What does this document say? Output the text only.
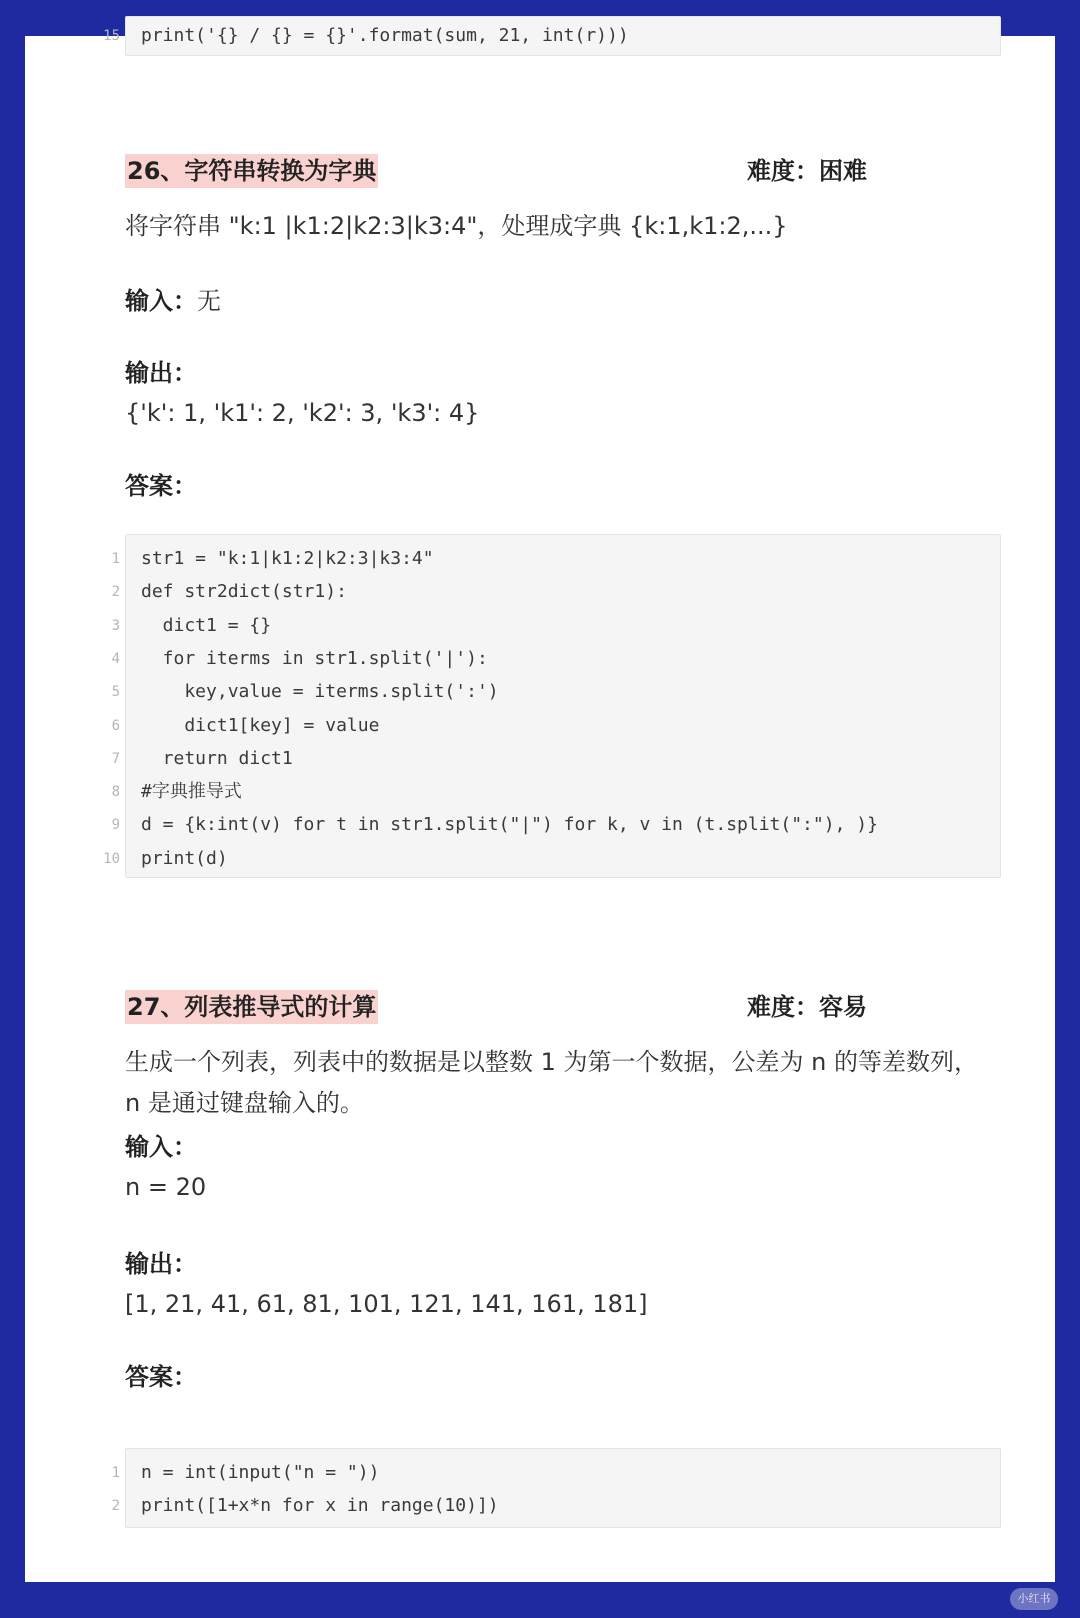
15 print('{} / {} = {}'.format(sum, 21, int(r)))
26、字符串转换为字典	难度：困难
将字符串 "k:1 |k1:2|k2:3|k3:4"，处理成字典 {k:1,k1:2,...}
输入：无
输出：
{'k': 1, 'k1': 2, 'k2': 3, 'k3': 4}
答案：
1 str1 = "k:1|k1:2|k2:3|k3:4"
2 def str2dict(str1):
3 dict1 = {}
4 for iterms in str1.split('|'):
5 key,value = iterms.split(':')
6 dict1[key] = value
7 return dict1
8 #字典推导式
9 d = {k:int(v) for t in str1.split("|") for k, v in (t.split(":"), )}
10 print(d)
27、列表推导式的计算	难度：容易
生成一个列表，列表中的数据是以整数 1 为第一个数据，公差为 n 的等差数列，
n 是通过键盘输入的。
输入：
n = 20
输出：
[1, 21, 41, 61, 81, 101, 121, 141, 161, 181]
答案：
1 n = int(input("n = "))
2 print([1+x*n for x in range(10)])
小红书
